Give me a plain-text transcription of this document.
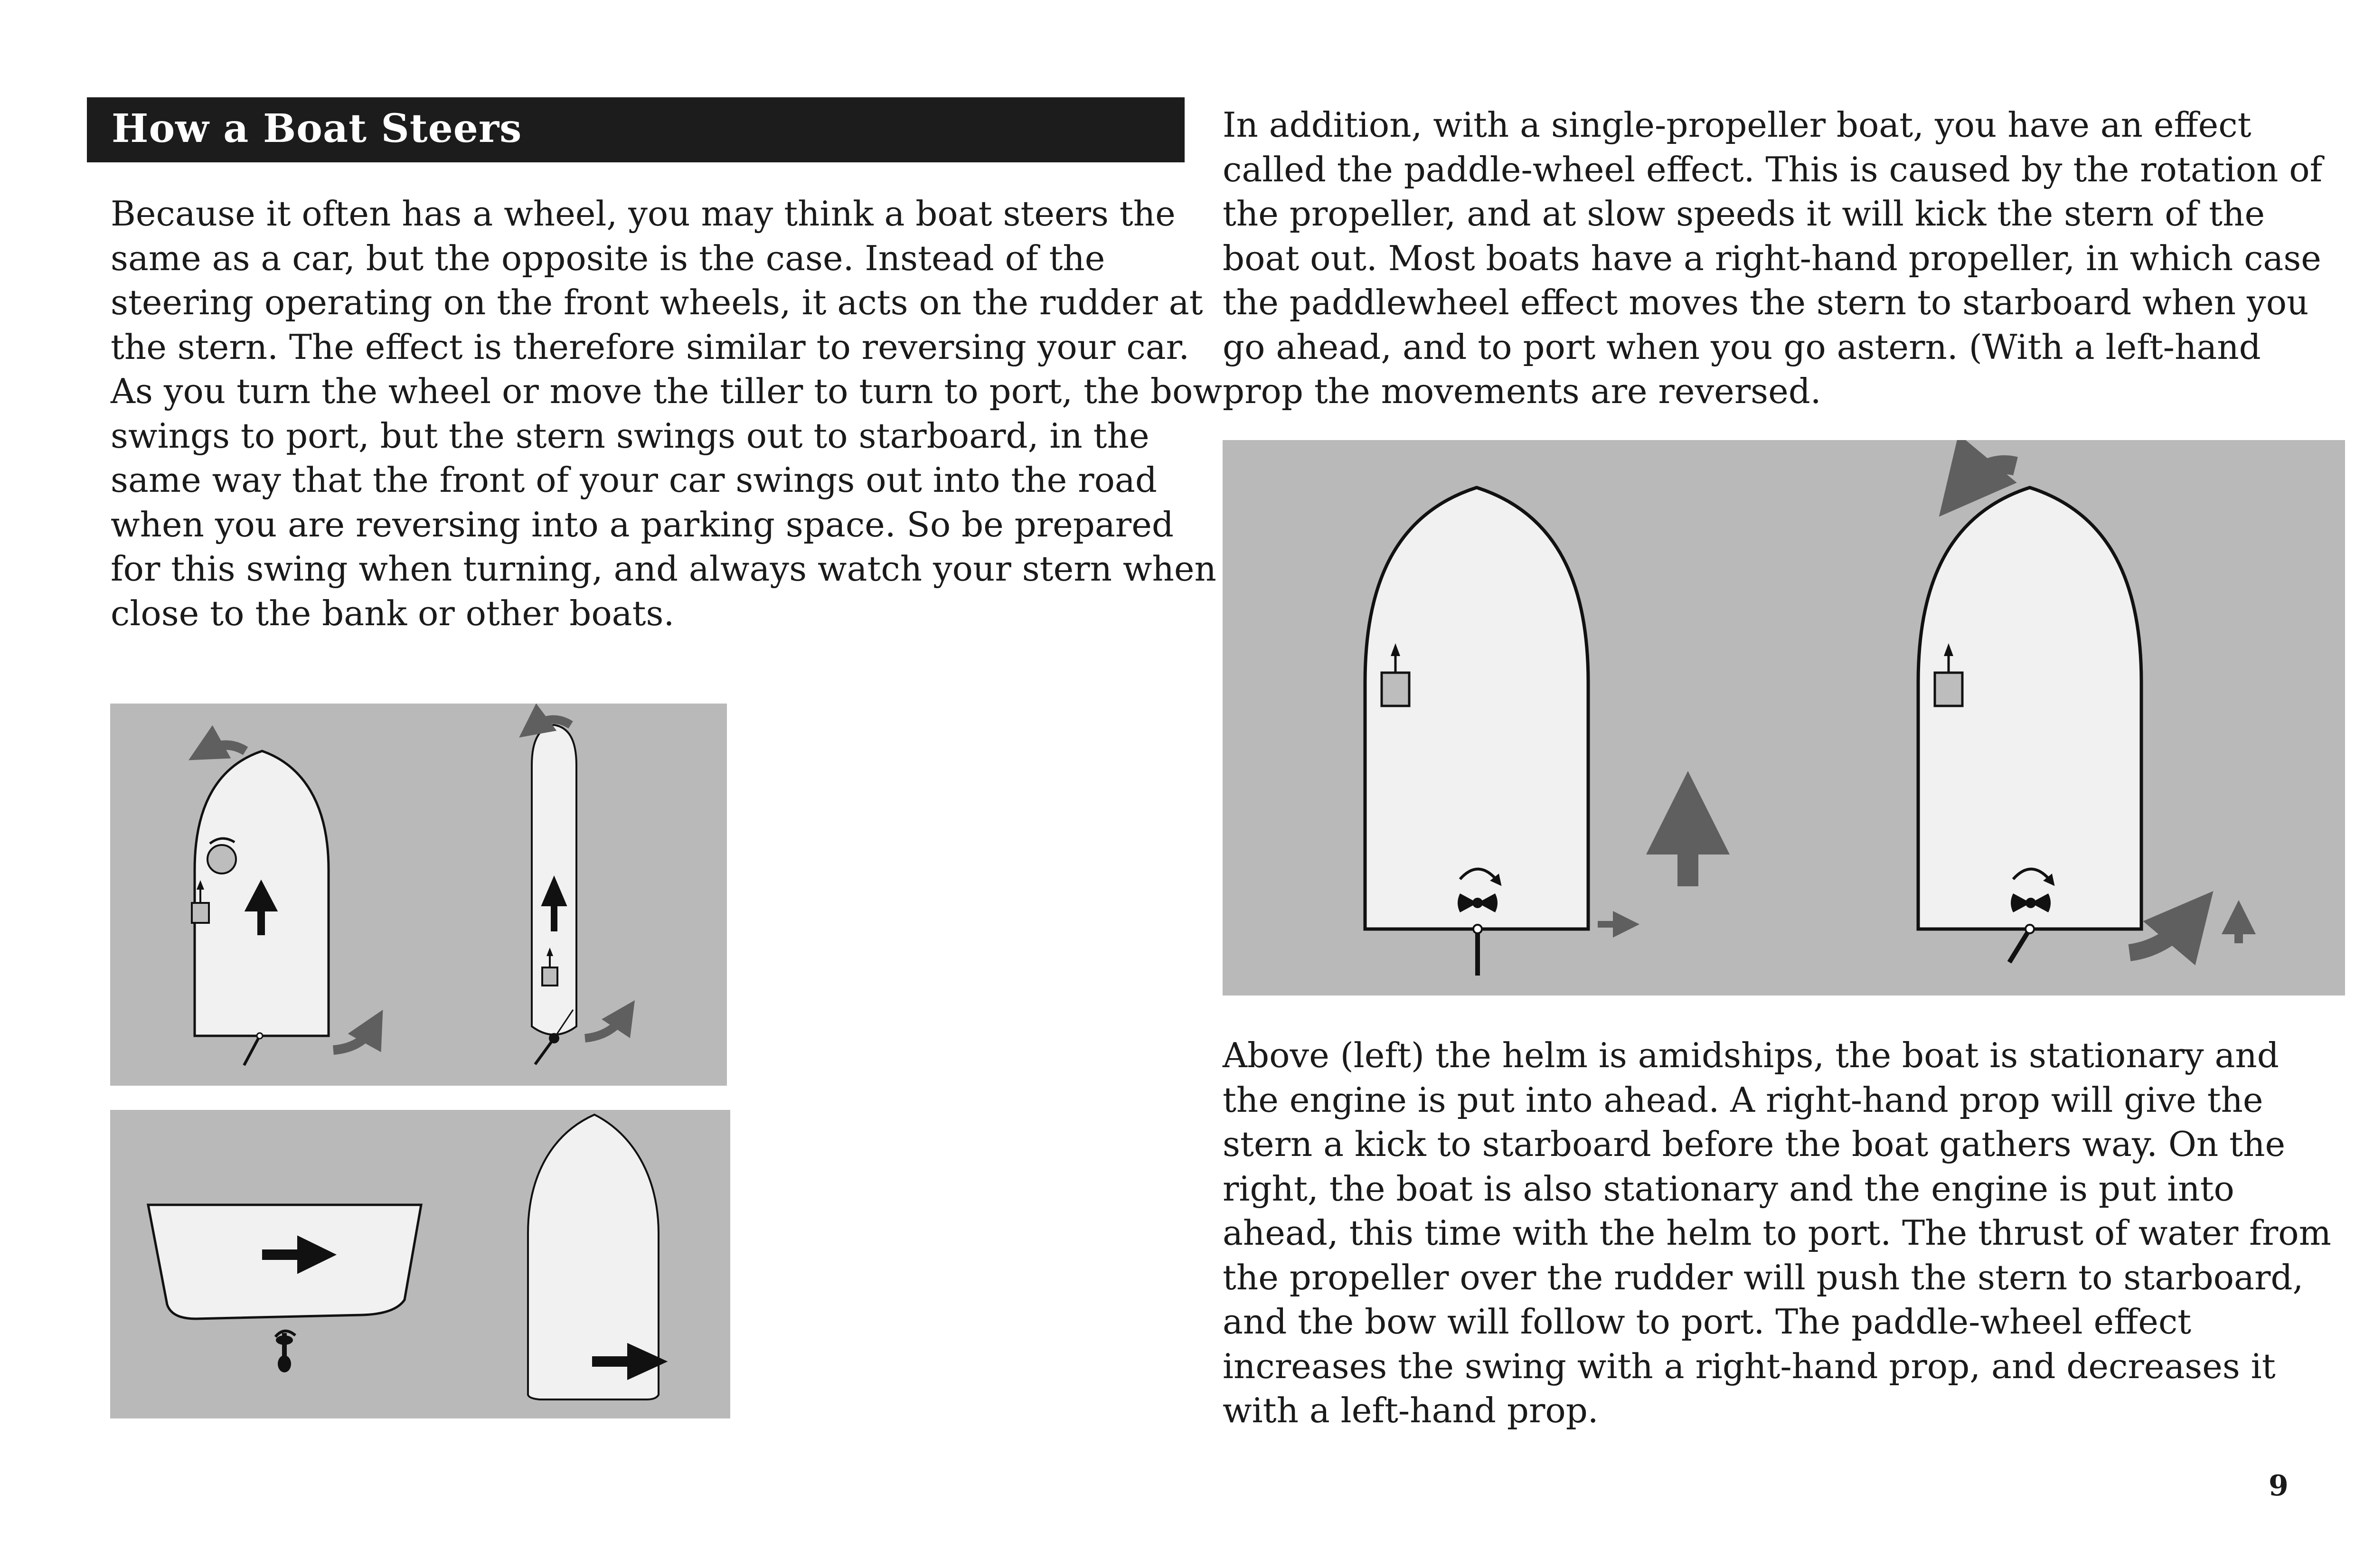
How a Boat Steers

Because it often has a wheel, you may think a boat steers the
same as a car, but the opposite is the case. Instead of the
steering operating on the front wheels, it acts on the rudder at
the stern. The effect is therefore similar to reversing your car.
As you turn the wheel or move the tiller to turn to port, the bow
swings to port, but the stern swings out to starboard, in the
same way that the front of your car swings out into the road
when you are reversing into a parking space. So be prepared
for this swing when turning, and always watch your stern when
close to the bank or other boats.

In addition, with a single-propeller boat, you have an effect
called the paddle-wheel effect. This is caused by the rotation of
the propeller, and at slow speeds it will kick the stern of the
boat out. Most boats have a right-hand propeller, in which case
the paddlewheel effect moves the stern to starboard when you
go ahead, and to port when you go astern. (With a left-hand
prop the movements are reversed.

Above (left) the helm is amidships, the boat is stationary and
the engine is put into ahead. A right-hand prop will give the
stern a kick to starboard before the boat gathers way. On the
right, the boat is also stationary and the engine is put into
ahead, this time with the helm to port. The thrust of water from
the propeller over the rudder will push the stern to starboard,
and the bow will follow to port. The paddle-wheel effect
increases the swing with a right-hand prop, and decreases it
with a left-hand prop.

9
